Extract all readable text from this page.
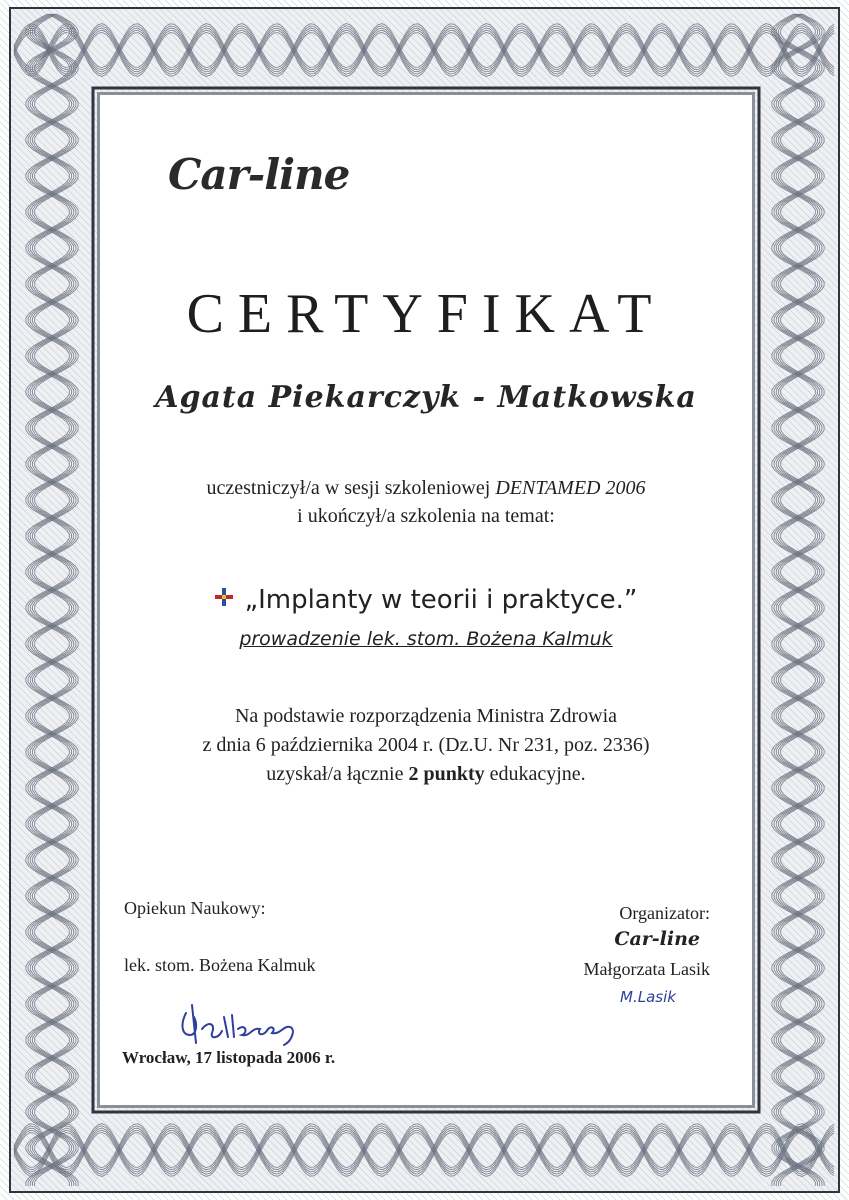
Car-line
CERTYFIKAT
Agata Piekarczyk - Matkowska
uczestniczył/a w sesji szkoleniowej DENTAMED 2006
i ukończył/a szkolenia na temat:
„Implanty w teorii i praktyce.”
prowadzenie lek. stom. Bożena Kalmuk
Na podstawie rozporządzenia Ministra Zdrowia
z dnia 6 października 2004 r. (Dz.U. Nr 231, poz. 2336)
uzyskał/a łącznie 2 punkty edukacyjne.
Opiekun Naukowy:
lek. stom. Bożena Kalmuk
Wrocław, 17 listopada 2006 r.
Organizator:
Car-line
Małgorzata Lasik
M.Lasik
